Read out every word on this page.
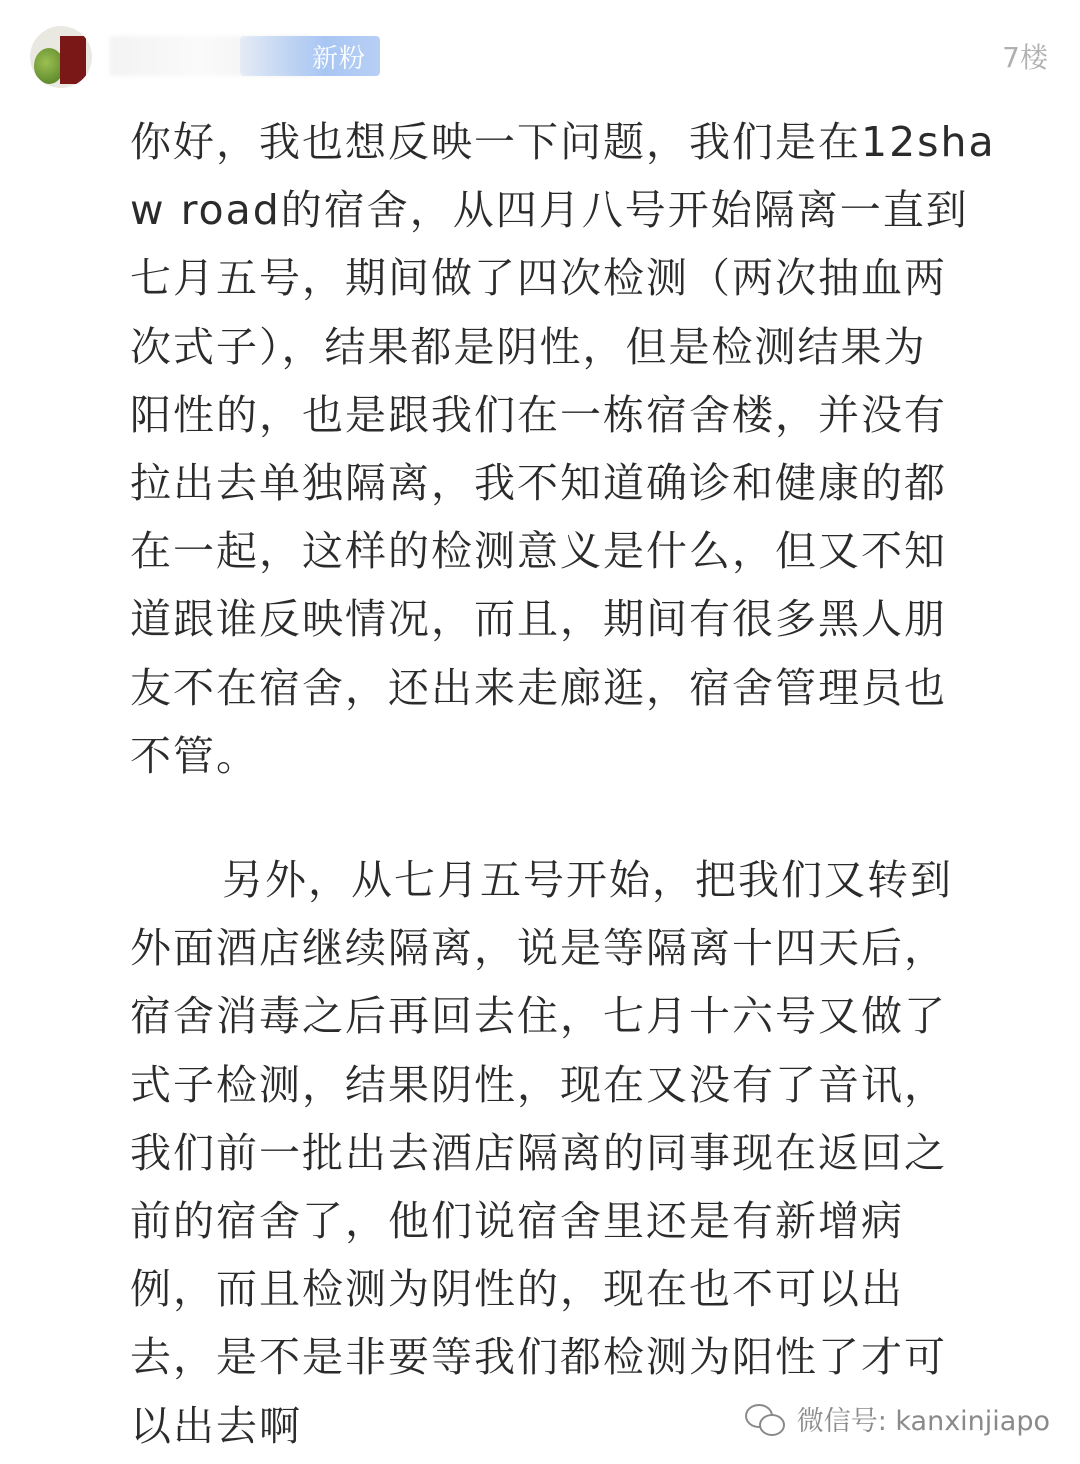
新粉	7楼

你好，我也想反映一下问题，我们是在12sha
w road的宿舍，从四月八号开始隔离一直到
七月五号，期间做了四次检测（两次抽血两
次式子），结果都是阴性，但是检测结果为
阳性的，也是跟我们在一栋宿舍楼，并没有
拉出去单独隔离，我不知道确诊和健康的都
在一起，这样的检测意义是什么，但又不知
道跟谁反映情况，而且，期间有很多黑人朋
友不在宿舍，还出来走廊逛，宿舍管理员也
不管。

另外，从七月五号开始，把我们又转到
外面酒店继续隔离，说是等隔离十四天后，
宿舍消毒之后再回去住，七月十六号又做了
式子检测，结果阴性，现在又没有了音讯，
我们前一批出去酒店隔离的同事现在返回之
前的宿舍了，他们说宿舍里还是有新增病
例，而且检测为阴性的，现在也不可以出
去，是不是非要等我们都检测为阳性了才可
以出去啊	微信号: kanxinjiapo
